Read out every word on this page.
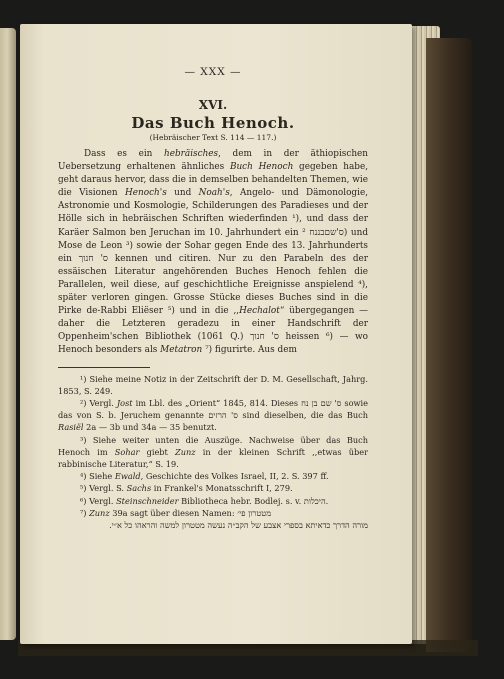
— XXX —
XVI.
Das Buch Henoch.
(Hebräischer Text S. 114 — 117.)

Dass es ein hebräisches, dem in der äthiopischen Uebersetzung erhaltenen ähnliches Buch Henoch gegeben habe, geht daraus hervor, dass die in demselben behandelten Themen, wie die Visionen Henoch's und Noah's, Angelo- und Dämonologie, Astronomie und Kosmologie, Schilderungen des Paradieses und der Hölle sich in hebräischen Schriften wiederfinden ¹), und dass der Karäer Salmon ben Jeruchan im 10. Jahrhundert ein ס'שםבננח ²) und Mose de Leon ³) sowie der Sohar gegen Ende des 13. Jahrhunderts ein ס' חנוך kennen und citiren. Nur zu den Parabeln des der essäischen Literatur angehörenden Buches Henoch fehlen die Parallelen, weil diese, auf geschichtliche Ereignisse anspielend ⁴), später verloren gingen. Grosse Stücke dieses Buches sind in die Pirke de-Rabbi Eliëser ⁵) und in die ,,Hechalot“ übergegangen — daher die Letzteren geradezu in einer Handschrift der Oppenheim'schen Bibliothek (1061 Q.) ס' חנוך heissen ⁶) — wo Henoch besonders als Metatron ⁷) figurirte. Aus dem

¹) Siehe meine Notiz in der Zeitschrift der D. M. Gesellschaft, Jahrg. 1853, S. 249.

²) Vergl. Jost im Lbl. des „Orient“ 1845, 814. Dieses ס' שם בן נח sowie das von S. b. Jeruchem genannte ס' הרזים sind dieselben, die das Buch Rasiël 2a — 3b und 34a — 35 benutzt.

³) Siehe weiter unten die Auszüge. Nachweise über das Buch Henoch im Sohar giebt Zunz in der kleinen Schrift ,,etwas über rabbinische Literatur,“ S. 19.

⁴) Siehe Ewald, Geschichte des Volkes Israel, II, 2. S. 397 ff.

⁵) Vergl. S. Sachs in Frankel's Monatsschrift I, 279.

⁶) Vergl. Steinschneider Bibliotheca hebr. Bodlej. s. v. היכלות.

⁷) Zunz 39a sagt über diesen Namen: מטטרון פי׳

מורה הדרך כדאיתא בספרי אצבע של הקב״ה נעשה מטטרון למשה והראהו כל א״י.
